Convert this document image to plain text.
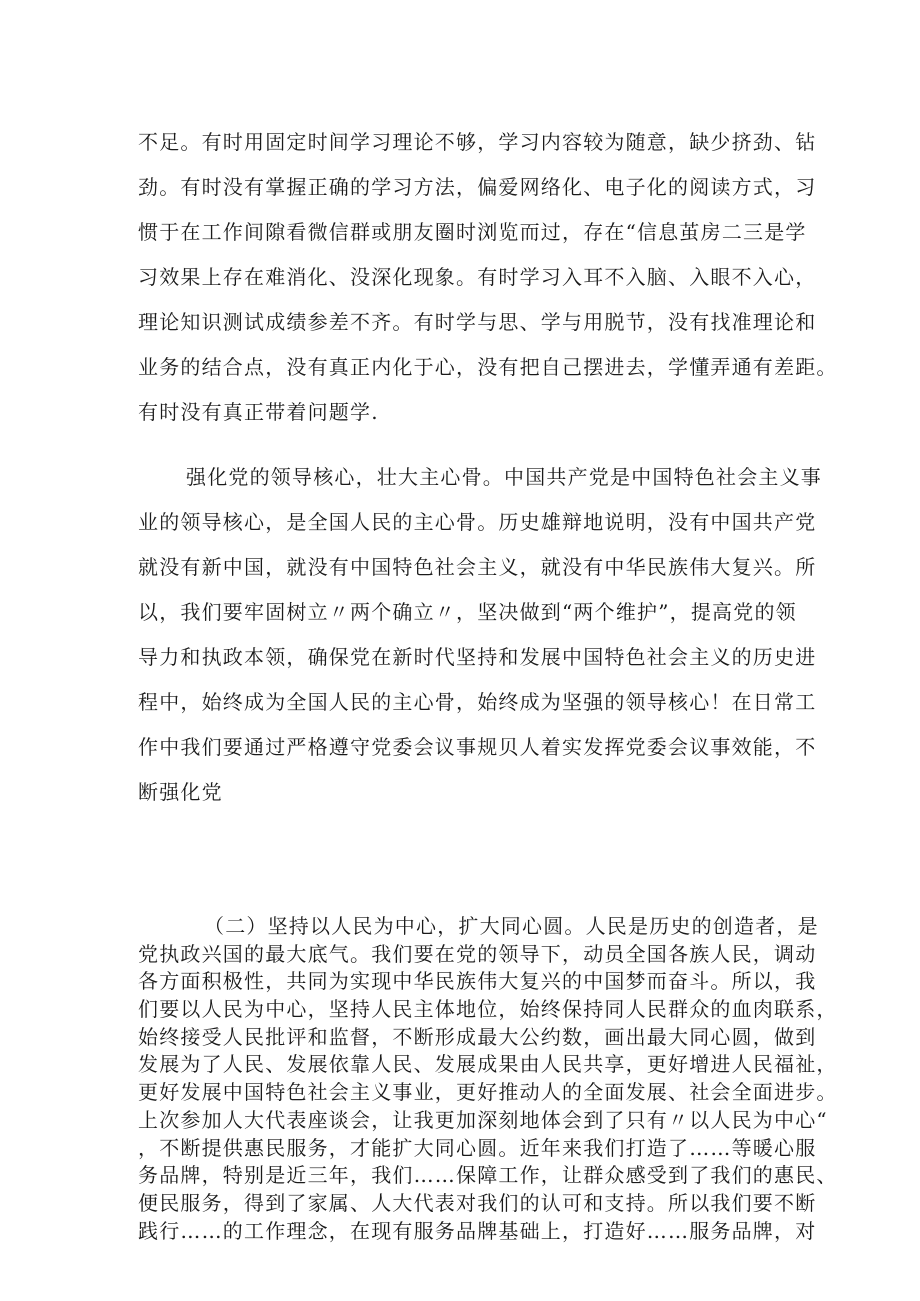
不足。有时用固定时间学习理论不够，学习内容较为随意，缺少挤劲、钻
劲。有时没有掌握正确的学习方法，偏爱网络化、电子化的阅读方式，习
惯于在工作间隙看微信群或朋友圈时浏览而过，存在“信息茧房二三是学
习效果上存在难消化、没深化现象。有时学习入耳不入脑、入眼不入心，
理论知识测试成绩参差不齐。有时学与思、学与用脱节，没有找准理论和
业务的结合点，没有真正内化于心，没有把自己摆进去，学懂弄通有差距。
有时没有真正带着问题学.
强化党的领导核心，壮大主心骨。中国共产党是中国特色社会主义事
业的领导核心，是全国人民的主心骨。历史雄辩地说明，没有中国共产党
就没有新中国，就没有中国特色社会主义，就没有中华民族伟大复兴。所
以，我们要牢固树立〃两个确立〃，坚决做到“两个维护”，提高党的领
导力和执政本领，确保党在新时代坚持和发展中国特色社会主义的历史进
程中，始终成为全国人民的主心骨，始终成为坚强的领导核心！在日常工
作中我们要通过严格遵守党委会议事规贝人着实发挥党委会议事效能，不
断强化党
（二）坚持以人民为中心，扩大同心圆。人民是历史的创造者，是
党执政兴国的最大底气。我们要在党的领导下，动员全国各族人民，调动
各方面积极性，共同为实现中华民族伟大复兴的中国梦而奋斗。所以，我
们要以人民为中心，坚持人民主体地位，始终保持同人民群众的血肉联系，
始终接受人民批评和监督，不断形成最大公约数，画出最大同心圆，做到
发展为了人民、发展依靠人民、发展成果由人民共享，更好增进人民福祉，
更好发展中国特色社会主义事业，更好推动人的全面发展、社会全面进步。
上次参加人大代表座谈会，让我更加深刻地体会到了只有〃以人民为中心“
，不断提供惠民服务，才能扩大同心圆。近年来我们打造了……等暖心服
务品牌，特别是近三年，我们……保障工作，让群众感受到了我们的惠民、
便民服务，得到了家属、人大代表对我们的认可和支持。所以我们要不断
践行……的工作理念，在现有服务品牌基础上，打造好……服务品牌，对
